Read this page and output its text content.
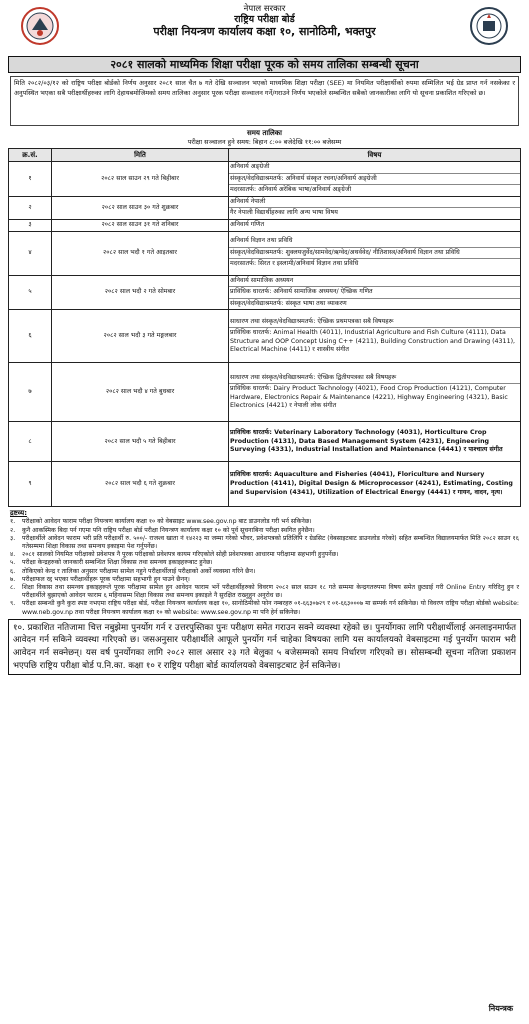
नेपाल सरकार
राष्ट्रिय परीक्षा बोर्ड
परीक्षा नियन्त्रण कार्यालय कक्षा १०, सानोठिमी, भक्तपुर
२०८१ सालको माध्यमिक शिक्षा परीक्षा पूरक को समय तालिका सम्बन्धी सूचना
मिति २०८२/०३/१२ को राष्ट्रिय परीक्षा बोर्डको निर्णय अनुसार २०८१ साल चैत ७ गते देखि सञ्चालन भएको माध्यमिक शिक्षा परीक्षा (SEE) मा नियमित परीक्षार्थीको रुपमा सम्मिलित भई ग्रेड प्राप्त गर्न नसकेका र अनुपस्थित भएका सबै परीक्षार्थीहरुका लागि देहायबमोजिमको समय तालिका अनुसार पूरक परीक्षा सञ्चालन गर्ने/गराउने निर्णय भएकोले सम्बन्धित सबैको जानकारीका लागि यो सूचना प्रकाशित गरिएको छ।
समय तालिका
परीक्षा सञ्चालन हुने समय: बिहान ८:०० बजेदेखि ११:०० बजेसम्म
क्र.सं.	मिति	विषय
१	२०८२ साल साउन २९ गते बिहीबार	अनिवार्य अङ्ग्रेजी
संस्कृत/वेदविद्याश्रमतर्फ: अनिवार्य संस्कृत रचना/अनिवार्य अङ्ग्रेजी
मदरसातर्फ: अनिवार्य अरेबिक भाषा/अनिवार्य अङ्ग्रेजी

२	२०८२ साल साउन ३० गते शुक्रबार	अनिवार्य नेपाली
गैर नेपाली विद्यार्थीहरुका लागि अन्य भाषा विषय

३	२०८२ साल साउन ३१ गते शनिबार	अनिवार्य गणित

४	२०८२ साल भदौ १ गते आइतबार	अनिवार्य विज्ञान तथा प्रविधि
संस्कृत/वेदविद्याश्रमतर्फ: शुक्लयजुर्वेद/सामवेद/ऋग्वेद/अथर्ववेद/ नीतिशास्त्र/अनिवार्य विज्ञान तथा प्रविधि
मदरसातर्फ: सिरत र इस्लामी/अनिवार्य विज्ञान तथा प्रविधि

५	२०८२ साल भदौ २ गते सोमबार	अनिवार्य सामाजिक अध्ययन
प्राविधिक धारतर्फ: अनिवार्य सामाजिक अध्ययन/ ऐच्छिक गणित
संस्कृत/वेदविद्याश्रमतर्फ: संस्कृत भाषा तथा व्याकरण

६	२०८२ साल भदौ ३ गते मङ्गलबार	साधारण तथा संस्कृत/वेदविद्याश्रमतर्फ: ऐच्छिक प्रथमपत्रका सबै विषयहरू
प्राविधिक धारतर्फ: Animal Health (4011), Industrial Agriculture and Fish Culture (4111), Data Structure and OOP Concept Using C++ (4211), Building Construction and Drawing (4311), Electrical Machine (4411) र शास्त्रीय संगीत

७	२०८२ साल भदौ ४ गते बुधबार	साधारण तथा संस्कृत/वेदविद्याश्रमतर्फ: ऐच्छिक द्वितीयपत्रका सबै विषयहरू
प्राविधिक धारतर्फ: Dairy Product Technology (4021), Food Crop Production (4121), Computer Hardware, Electronics Repair & Maintenance (4221), Highway Engineering (4321), Basic Electronics (4421) र नेपाली लोक संगीत

८	२०८२ साल भदौ ५ गते बिहीबार	प्राविधिक धारतर्फ: Veterinary Laboratory Technology (4031), Horticulture Crop Production (4131), Data Based Management System (4231), Engineering Surveying (4331), Industrial Installation and Maintenance (4441) र पाश्चात्य संगीत

९	२०८२ साल भदौ ६ गते शुक्रबार	प्राविधिक धारतर्फ: Aquaculture and Fisheries (4041), Floriculture and Nursery Production (4141), Digital Design & Microprocessor (4241), Estimating, Costing and Supervision (4341), Utilization of Electrical Energy (4441) र गायन, वादन, नृत्य।
द्रष्टव्य:
१.	परीक्षाको आवेदन फाराम परीक्षा नियन्त्रण कार्यालय कक्षा १० को वेबसाइट www.see.gov.np बाट डाउनलोड गरी भर्न सकिनेछ।
२.	कुनै आकस्मिक बिदा पर्न गएमा पनि राष्ट्रिय परीक्षा बोर्ड परीक्षा नियन्त्रण कार्यालय कक्षा १० को पूर्व सूचनाबिना परीक्षा स्थगित हुनेछैन।
३.	परीक्षार्थीले आवेदन फाराम भरी प्रति परीक्षार्थी रु. ५००/- राजश्व खाता नं १४२२३ मा जम्मा गरेको भौचर, प्रवेशपत्रको प्रतिलिपि र ग्रेडसिट (वेबसाइटबाट डाउनलोड गरेको) सहित सम्बन्धित विद्यालयमार्फत मिति २०८२ साउन १६ गतेसम्ममा शिक्षा विकास तथा समन्वय इकाइमा पेश गर्नुपर्नेछ।
४.	२०८१ सालको नियमित परीक्षाको प्रवेशपत्र नै पूरक परीक्षाको प्रवेशपत्र कायम गरिएकोले सोही प्रवेशपत्रका आधारमा परीक्षामा सहभागी हुनुपर्नेछ।
५.	परीक्षा केन्द्रहरुको जानकारी सम्बन्धित शिक्षा विकास तथा समन्वय इकाइहरूबाट हुनेछ।
६.	तोकिएको केन्द्र र तालिका अनुसार परीक्षामा सामेल नहुने परीक्षार्थीलाई परीक्षाको अर्को व्यवस्था गरिने छैन।
७.	परीक्षाफल रद्द भएका परीक्षार्थीहरू पूरक परीक्षामा सहभागी हुन पाउने छैनन्।
८.	शिक्षा विकास तथा समन्वय इकाइहरूले पूरक परीक्षामा सामेल हुन आवेदन फाराम भर्ने परीक्षार्थीहरुको विवरण २०८२ साल साउन १८ गते सम्ममा केन्द्रगतरुपमा विषय समेत छुट्याई गरी Online Entry गरिदिनु हुन र परीक्षार्थीले बुझाएको आवेदन फाराम ६ महिनासम्म शिक्षा विकास तथा समन्वय इकाइले नै सुरक्षित राख्नुहुन अनुरोध छ।
९.	परीक्षा सम्बन्धी कुनै कुरा स्पष्ट नभएमा राष्ट्रिय परीक्षा बोर्ड, परीक्षा नियन्त्रण कार्यालय कक्षा १०, सानोठिमीको फोन नम्बरहरु ०१-६६३०७२९ र ०१-६६३०००७ मा सम्पर्क गर्न सकिनेछ। यो विवरण राष्ट्रिय परीक्षा बोर्डको website: www.neb.gov.np तथा परीक्षा नियन्त्रण कार्यालय कक्षा १० को website: www.see.gov.np मा पनि हेर्न सकिनेछ।
१०. प्रकाशित नतिजामा चित्त नबुझेमा पुनर्योग गर्न र उत्तरपुस्तिका पुनः परीक्षण समेत गराउन सक्ने व्यवस्था रहेको छ। पुनर्योगका लागि परीक्षार्थीलाई अनलाइनमार्फत आवेदन गर्न सकिने व्यवस्था गरिएको छ। जसअनुसार परीक्षार्थीले आफूले पुनर्योग गर्न चाहेका विषयका लागि यस कार्यालयको वेबसाइटमा गई पुनर्योग फाराम भरी आवेदन गर्न सक्नेछन्। यस वर्ष पुनर्योगका लागि २०८२ साल असार २३ गते बेलुका ५ बजेसम्मको समय निर्धारण गरिएको छ। सोसम्बन्धी सूचना नतिजा प्रकाशन भएपछि राष्ट्रिय परीक्षा बोर्ड प.नि.का. कक्षा १० र राष्ट्रिय परीक्षा बोर्ड कार्यालयको वेबसाइटबाट हेर्न सकिनेछ।
नियन्त्रक
